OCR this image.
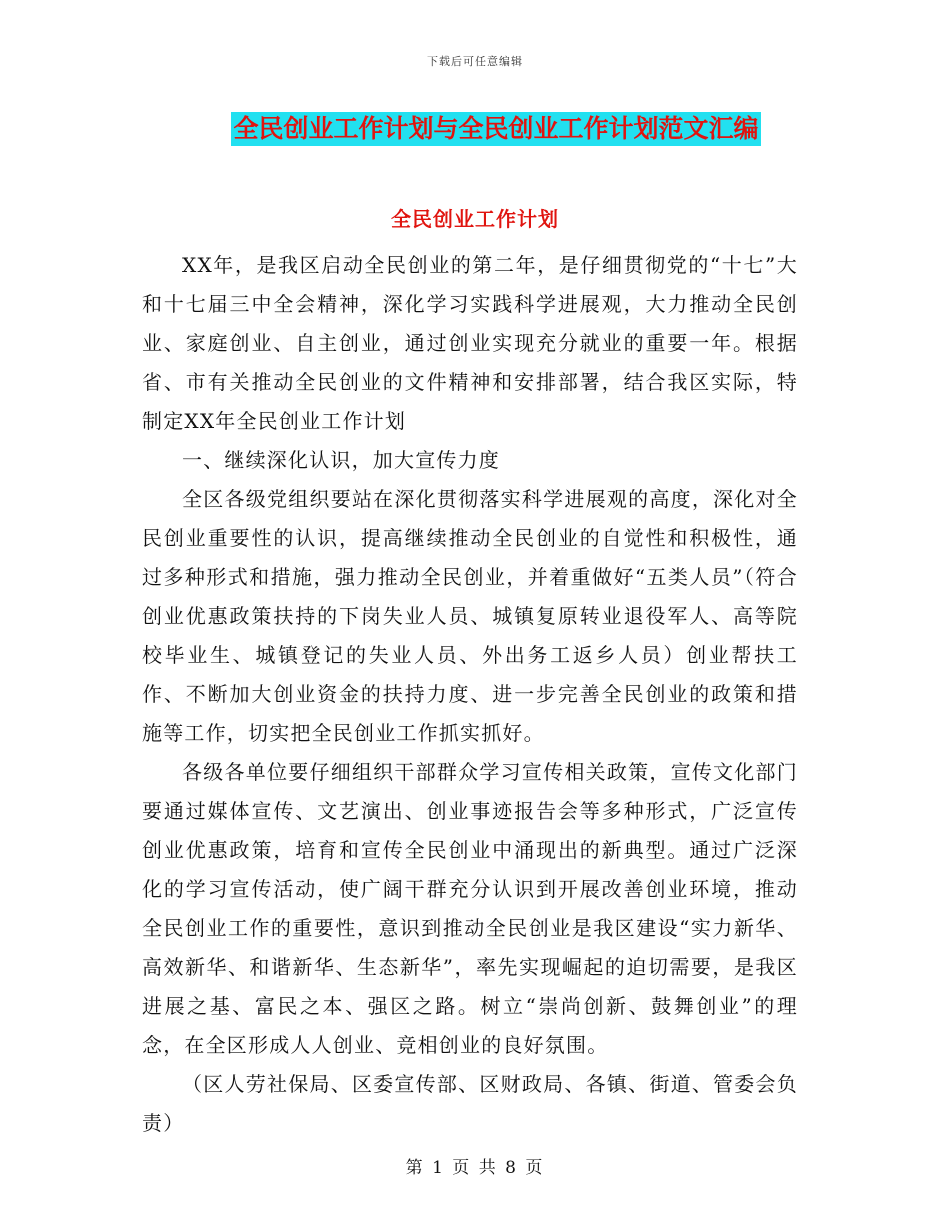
下载后可任意编辑
全民创业工作计划与全民创业工作计划范文汇编
全民创业工作计划

XX年，是我区启动全民创业的第二年，是仔细贯彻党的“十七”大和十七届三中全会精神，深化学习实践科学进展观，大力推动全民创业、家庭创业、自主创业，通过创业实现充分就业的重要一年。根据省、市有关推动全民创业的文件精神和安排部署，结合我区实际，特制定XX年全民创业工作计划

一、继续深化认识，加大宣传力度

全区各级党组织要站在深化贯彻落实科学进展观的高度，深化对全民创业重要性的认识，提高继续推动全民创业的自觉性和积极性，通过多种形式和措施，强力推动全民创业，并着重做好“五类人员”（符合创业优惠政策扶持的下岗失业人员、城镇复原转业退役军人、高等院校毕业生、城镇登记的失业人员、外出务工返乡人员）创业帮扶工作、不断加大创业资金的扶持力度、进一步完善全民创业的政策和措施等工作，切实把全民创业工作抓实抓好。

各级各单位要仔细组织干部群众学习宣传相关政策，宣传文化部门要通过媒体宣传、文艺演出、创业事迹报告会等多种形式，广泛宣传创业优惠政策，培育和宣传全民创业中涌现出的新典型。通过广泛深化的学习宣传活动，使广阔干群充分认识到开展改善创业环境，推动全民创业工作的重要性，意识到推动全民创业是我区建设“实力新华、高效新华、和谐新华、生态新华”，率先实现崛起的迫切需要，是我区进展之基、富民之本、强区之路。树立“崇尚创新、鼓舞创业”的理念，在全区形成人人创业、竞相创业的良好氛围。

（区人劳社保局、区委宣传部、区财政局、各镇、街道、管委会负责）

第 1 页 共 8 页
